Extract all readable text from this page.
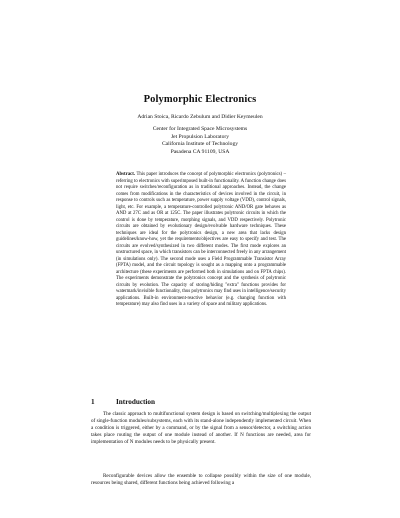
Polymorphic Electronics
Adrian Stoica, Ricardo Zebulum and Didier Keymeulen
Center for Integrated Space Microsystems
Jet Propulsion Laboratory
California Institute of Technology
Pasadena CA 91109, USA
Abstract. This paper introduces the concept of polymorphic electronics (polytronics) –referring to electronics with superimposed built-in functionality. A function change does not require switches/reconfiguration as in traditional approaches. Instead, the change comes from modifications in the characteristics of devices involved in the circuit, in response to controls such as temperature, power supply voltage (VDD), control signals, light, etc. For example, a temperature-controlled polytronic AND/OR gate behaves as AND at 27C and as OR at 125C. The paper illustrates polytronic circuits in which the control is done by temperature, morphing signals, and VDD respectively. Polytronic circuits are obtained by evolutionary design/evolvable hardware techniques. These techniques are ideal for the polytronics design, a new area that lacks design guidelines/know-how, yet the requirements/objectives are easy to specify and test. The circuits are evolved/synthesized in two different modes. The first mode explores an unstructured space, in which transistors can be interconnected freely in any arrangement (in simulations only). The second mode uses a Field Programmable Transistor Array (FPTA) model, and the circuit topology is sought as a mapping onto a programmable architecture (these experiments are performed both in simulations and on FPTA chips). The experiments demonstrate the polytronics concept and the synthesis of polytronic circuits by evolution. The capacity of storing/hiding "extra" functions provides for watermark/invisible functionality, thus polytronics may find uses in intelligence/security applications. Built-in environment-reactive behavior (e.g. changing function with temperature) may also find uses in a variety of space and military applications.
1	Introduction
The classic approach to multifunctional system design is based on switching/multiplexing the output of single-function modules/subsystems, each with its stand-alone independently implemented circuit. When a condition is triggered, either by a command, or by the signal from a sensor/detector, a switching action takes place routing the output of one module instead of another. If N functions are needed, area for implementation of N modules needs to be physically present.
Reconfigurable devices allow the ensemble to collapse possibly within the size of one module, resources being shared, different functions being achieved following a
